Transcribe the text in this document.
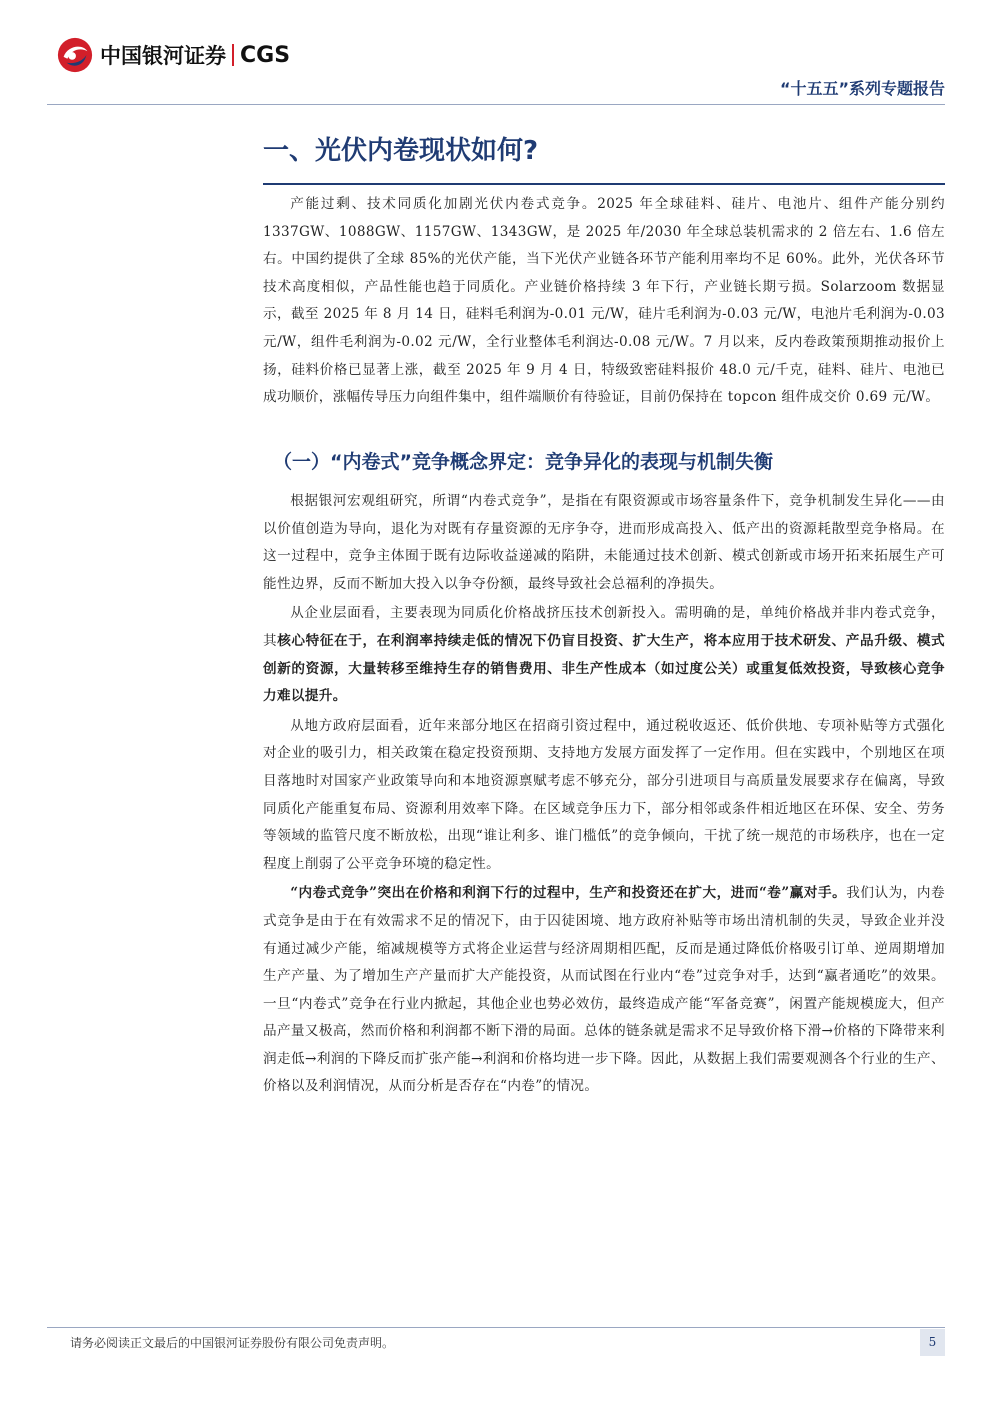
中国银河证券 CGS
“十五五”系列专题报告
一、光伏内卷现状如何?

产能过剩、技术同质化加剧光伏内卷式竞争。2025 年全球硅料、硅片、电池片、组件产能分别约 1337GW、1088GW、1157GW、1343GW，是 2025 年/2030 年全球总装机需求的 2 倍左右、1.6 倍左右。中国约提供了全球 85%的光伏产能，当下光伏产业链各环节产能利用率均不足 60%。此外，光伏各环节技术高度相似，产品性能也趋于同质化。产业链价格持续 3 年下行，产业链长期亏损。Solarzoom 数据显示，截至 2025 年 8 月 14 日，硅料毛利润为-0.01 元/W，硅片毛利润为-0.03 元/W，电池片毛利润为-0.03 元/W，组件毛利润为-0.02 元/W，全行业整体毛利润达-0.08 元/W。7 月以来，反内卷政策预期推动报价上扬，硅料价格已显著上涨，截至 2025 年 9 月 4 日，特级致密硅料报价 48.0 元/千克，硅料、硅片、电池已成功顺价，涨幅传导压力向组件集中，组件端顺价有待验证，目前仍保持在 topcon 组件成交价 0.69 元/W。

（一）“内卷式”竞争概念界定：竞争异化的表现与机制失衡

根据银河宏观组研究，所谓“内卷式竞争”，是指在有限资源或市场容量条件下，竞争机制发生异化——由以价值创造为导向，退化为对既有存量资源的无序争夺，进而形成高投入、低产出的资源耗散型竞争格局。在这一过程中，竞争主体囿于既有边际收益递减的陷阱，未能通过技术创新、模式创新或市场开拓来拓展生产可能性边界，反而不断加大投入以争夺份额，最终导致社会总福利的净损失。

从企业层面看，主要表现为同质化价格战挤压技术创新投入。需明确的是，单纯价格战并非内卷式竞争，其核心特征在于，在利润率持续走低的情况下仍盲目投资、扩大生产，将本应用于技术研发、产品升级、模式创新的资源，大量转移至维持生存的销售费用、非生产性成本（如过度公关）或重复低效投资，导致核心竞争力难以提升。

从地方政府层面看，近年来部分地区在招商引资过程中，通过税收返还、低价供地、专项补贴等方式强化对企业的吸引力，相关政策在稳定投资预期、支持地方发展方面发挥了一定作用。但在实践中，个别地区在项目落地时对国家产业政策导向和本地资源禀赋考虑不够充分，部分引进项目与高质量发展要求存在偏离，导致同质化产能重复布局、资源利用效率下降。在区域竞争压力下，部分相邻或条件相近地区在环保、安全、劳务等领域的监管尺度不断放松，出现“谁让利多、谁门槛低”的竞争倾向，干扰了统一规范的市场秩序，也在一定程度上削弱了公平竞争环境的稳定性。

“内卷式竞争”突出在价格和利润下行的过程中，生产和投资还在扩大，进而“卷”赢对手。我们认为，内卷式竞争是由于在有效需求不足的情况下，由于囚徒困境、地方政府补贴等市场出清机制的失灵，导致企业并没有通过减少产能，缩减规模等方式将企业运营与经济周期相匹配，反而是通过降低价格吸引订单、逆周期增加生产产量、为了增加生产产量而扩大产能投资，从而试图在行业内“卷”过竞争对手，达到“赢者通吃”的效果。一旦“内卷式”竞争在行业内掀起，其他企业也势必效仿，最终造成产能“军备竞赛”，闲置产能规模庞大，但产品产量又极高，然而价格和利润都不断下滑的局面。总体的链条就是需求不足导致价格下滑→价格的下降带来利润走低→利润的下降反而扩张产能→利润和价格均进一步下降。因此，从数据上我们需要观测各个行业的生产、价格以及利润情况，从而分析是否存在“内卷”的情况。

请务必阅读正文最后的中国银河证券股份有限公司免责声明。	5
